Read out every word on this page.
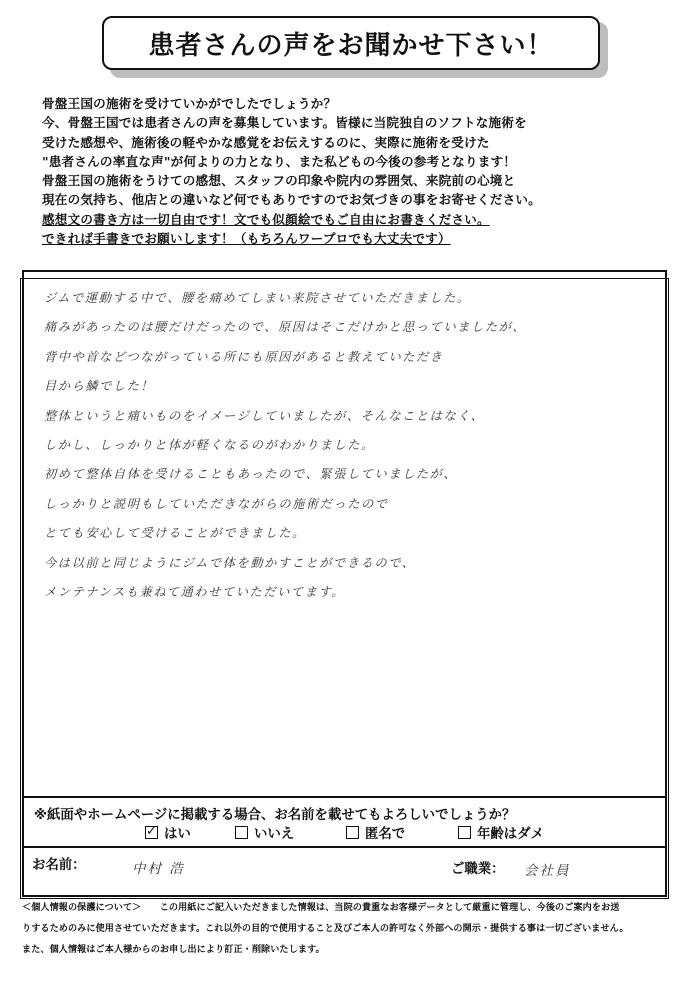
患者さんの声をお聞かせ下さい！
骨盤王国の施術を受けていかがでしたでしょうか？
今、骨盤王国では患者さんの声を募集しています。皆様に当院独自のソフトな施術を
受けた感想や、施術後の軽やかな感覚をお伝えするのに、実際に施術を受けた
"患者さんの率直な声"が何よりの力となり、また私どもの今後の参考となります！
骨盤王国の施術をうけての感想、スタッフの印象や院内の雰囲気、来院前の心境と
現在の気持ち、他店との違いなど何でもありですのでお気づきの事をお寄せください。
感想文の書き方は一切自由です！文でも似顔絵でもご自由にお書きください。
できれば手書きでお願いします！（もちろんワープロでも大丈夫です）
ジムで運動する中で、腰を痛めてしまい来院させていただきました。
痛みがあったのは腰だけだったので、原因はそこだけかと思っていましたが、
背中や首などつながっている所にも原因があると教えていただき
目から鱗でした！
整体というと痛いものをイメージしていましたが、そんなことはなく、
しかし、しっかりと体が軽くなるのがわかりました。
初めて整体自体を受けることもあったので、緊張していましたが、
しっかりと説明もしていただきながらの施術だったので
とても安心して受けることができました。
今は以前と同じようにジムで体を動かすことができるので、
メンテナンスも兼ねて通わせていただいてます。
※紙面やホームページに掲載する場合、お名前を載せてもよろしいでしょうか？
✓ はい	いいえ	匿名で	年齢はダメ
お名前：	中村 浩	ご職業： 会社員
＜個人情報の保護について＞　　この用紙にご記入いただきました情報は、当院の貴重なお客様データとして厳重に管理し、今後のご案内をお送
りするためのみに使用させていただきます。これ以外の目的で使用すること及びご本人の許可なく外部への開示・提供する事は一切ございません。
また、個人情報はご本人様からのお申し出により訂正・削除いたします。
